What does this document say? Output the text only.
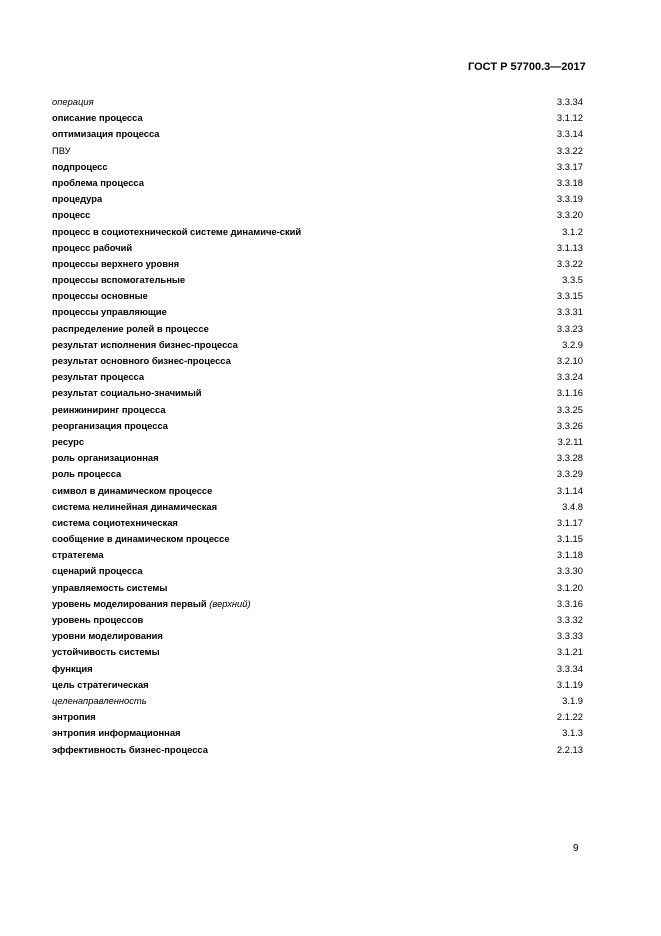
ГОСТ Р 57700.3—2017
операция	3.3.34
описание процесса	3.1.12
оптимизация процесса	3.3.14
ПВУ	3.3.22
подпроцесс	3.3.17
проблема процесса	3.3.18
процедура	3.3.19
процесс	3.3.20
процесс в социотехнической системе динамиче-ский	3.1.2
процесс рабочий	3.1.13
процессы верхнего уровня	3.3.22
процессы вспомогательные	3.3.5
процессы основные	3.3.15
процессы управляющие	3.3.31
распределение ролей в процессе	3.3.23
результат исполнения бизнес-процесса	3.2.9
результат основного бизнес-процесса	3.2.10
результат процесса	3.3.24
результат социально-значимый	3.1.16
реинжиниринг процесса	3.3.25
реорганизация процесса	3.3.26
ресурс	3.2.11
роль организационная	3.3.28
роль процесса	3.3.29
символ в динамическом процессе	3.1.14
система нелинейная динамическая	3.4.8
система социотехническая	3.1.17
сообщение в динамическом процессе	3.1.15
стратегема	3.1.18
сценарий процесса	3.3.30
управляемость системы	3.1.20
уровень моделирования первый (верхний)	3.3.16
уровень процессов	3.3.32
уровни моделирования	3.3.33
устойчивость системы	3.1.21
функция	3.3.34
цель стратегическая	3.1.19
целенаправленность	3.1.9
энтропия	2.1.22
энтропия информационная	3.1.3
эффективность бизнес-процесса	2.2.13
9
